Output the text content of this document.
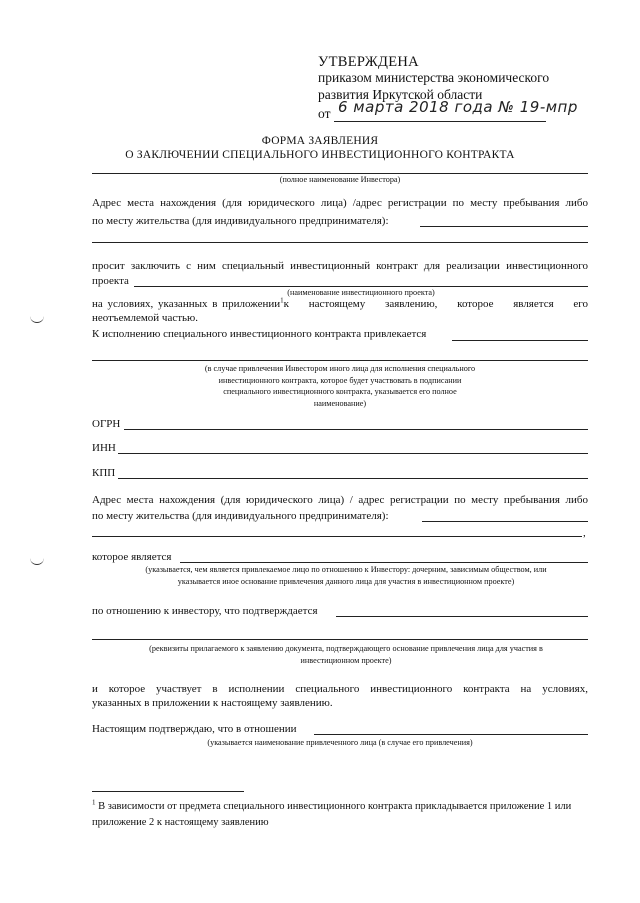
УТВЕРЖДЕНА
приказом министерства экономического
развития Иркутской области
от 6 марта 2018 года № 19-мпр
ФОРМА ЗАЯВЛЕНИЯ
О ЗАКЛЮЧЕНИИ СПЕЦИАЛЬНОГО ИНВЕСТИЦИОННОГО КОНТРАКТА
(полное наименование Инвестора)
Адрес места нахождения (для юридического лица) /адрес регистрации по месту пребывания либо
по месту жительства (для индивидуального предпринимателя):
просит заключить с ним специальный инвестиционный контракт для реализации инвестиционного
проекта
(наименование инвестиционного проекта)
на условиях, указанных в приложении $^1$ к настоящему заявлению, которое является его
неотъемлемой частью.
К исполнению специального инвестиционного контракта привлекается
(в случае привлечения Инвестором иного лица для исполнения специального
инвестиционного контракта, которое будет участвовать в подписании
специального инвестиционного контракта, указывается его полное
наименование)
ОГРН
ИНН
КПП
Адрес места нахождения (для юридического лица) / адрес регистрации по месту пребывания либо
по месту жительства (для индивидуального предпринимателя):
,
которое является
(указывается, чем является привлекаемое лицо по отношению к Инвестору: дочерним, зависимым обществом, или
указывается иное основание привлечения данного лица для участия в инвестиционном проекте)
по отношению к инвестору, что подтверждается
(реквизиты прилагаемого к заявлению документа, подтверждающего основание привлечения лица для участия в
инвестиционном проекте)
и которое участвует в исполнении специального инвестиционного контракта на условиях,
указанных в приложении к настоящему заявлению.
Настоящим подтверждаю, что в отношении
(указывается наименование привлеченного лица (в случае его привлечения)
$^1$ В зависимости от предмета специального инвестиционного контракта прикладывается приложение 1 или
приложение 2 к настоящему заявлению
